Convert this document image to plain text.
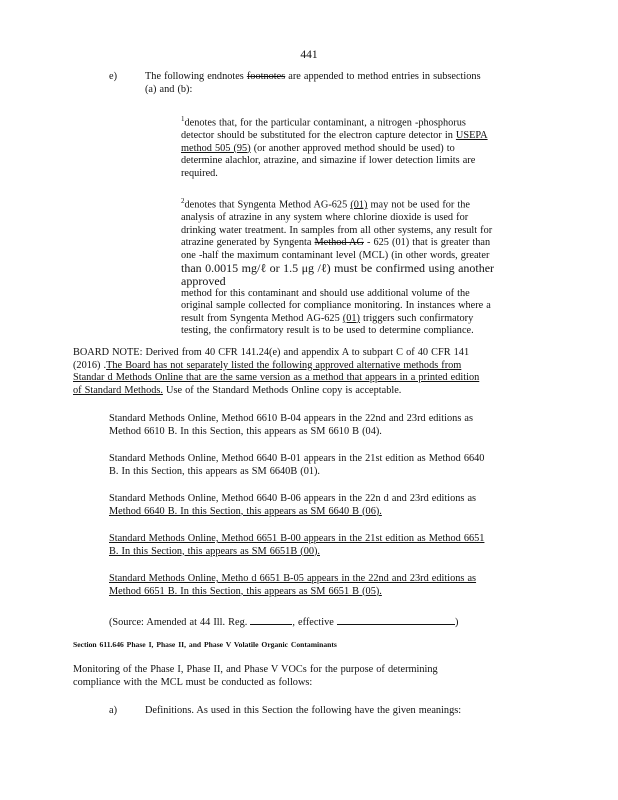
441
e)	The following endnotes footnotes are appended to method entries in subsections
(a) and (b):
$^1$denotes that, for the particular contaminant, a nitrogen -phosphorus
detector should be substituted for the electron capture detector in USEPA
method 505 (95) (or another approved method should be used) to
determine alachlor, atrazine, and simazine if lower detection limits are
required.
$^2$denotes that Syngenta Method AG-625 (01) may not be used for the
analysis of atrazine in any system where chlorine dioxide is used for
drinking water treatment. In samples from all other systems, any result for
atrazine generated by Syngenta Method AG - 625 (01) that is greater than
one -half the maximum contaminant level (MCL) (in other words, greater
than 0.0015 mg/ℓ or 1.5 μg /ℓ) must be confirmed using another approved
method for this contaminant and should use additional volume of the
original sample collected for compliance monitoring. In instances where a
result from Syngenta Method AG-625 (01) triggers such confirmatory
testing, the confirmatory result is to be used to determine compliance.
BOARD NOTE: Derived from 40 CFR 141.24(e) and appendix A to subpart C of 40 CFR 141
(2016) .The Board has not separately listed the following approved alternative methods from
Standar d Methods Online that are the same version as a method that appears in a printed edition
of Standard Methods. Use of the Standard Methods Online copy is acceptable.
Standard Methods Online, Method 6610 B-04 appears in the 22nd and 23rd editions as
Method 6610 B. In this Section, this appears as SM 6610 B (04).
Standard Methods Online, Method 6640 B-01 appears in the 21st edition as Method 6640
B. In this Section, this appears as SM 6640B (01).
Standard Methods Online, Method 6640 B-06 appears in the 22n d and 23rd editions as
Method 6640 B. In this Section, this appears as SM 6640 B (06).
Standard Methods Online, Method 6651 B-00 appears in the 21st edition as Method 6651
B. In this Section, this appears as SM 6651B (00).
Standard Methods Online, Metho d 6651 B-05 appears in the 22nd and 23rd editions as
Method 6651 B. In this Section, this appears as SM 6651 B (05).
(Source: Amended at 44 Ill. Reg.	, effective	)
Section 611.646 Phase I, Phase II, and Phase V Volatile Organic Contaminants
Monitoring of the Phase I, Phase II, and Phase V VOCs for the purpose of determining
compliance with the MCL must be conducted as follows:
a)	Definitions. As used in this Section the following have the given meanings:
